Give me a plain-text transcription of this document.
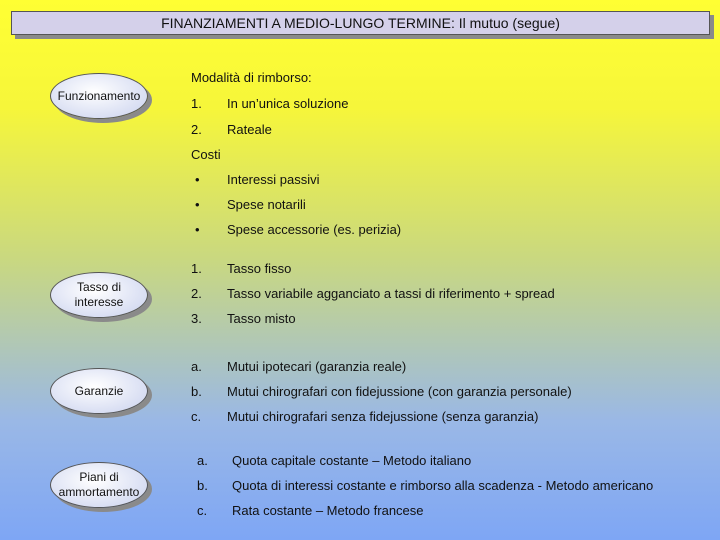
FINANZIAMENTI A MEDIO-LUNGO TERMINE: Il mutuo (segue)
Funzionamento
Tasso di interesse
Garanzie
Piani di ammortamento
Modalità di rimborso:
1. In un’unica soluzione
2. Rateale
Costi
• Interessi passivi
• Spese notarili
• Spese accessorie (es. perizia)
1. Tasso fisso
2. Tasso variabile agganciato a tassi di riferimento + spread
3. Tasso misto
a. Mutui ipotecari (garanzia reale)
b. Mutui chirografari con fidejussione (con garanzia personale)
c. Mutui chirografari senza fidejussione (senza garanzia)
a. Quota capitale costante – Metodo italiano
b. Quota di interessi costante e rimborso alla scadenza - Metodo americano
c. Rata costante – Metodo francese
